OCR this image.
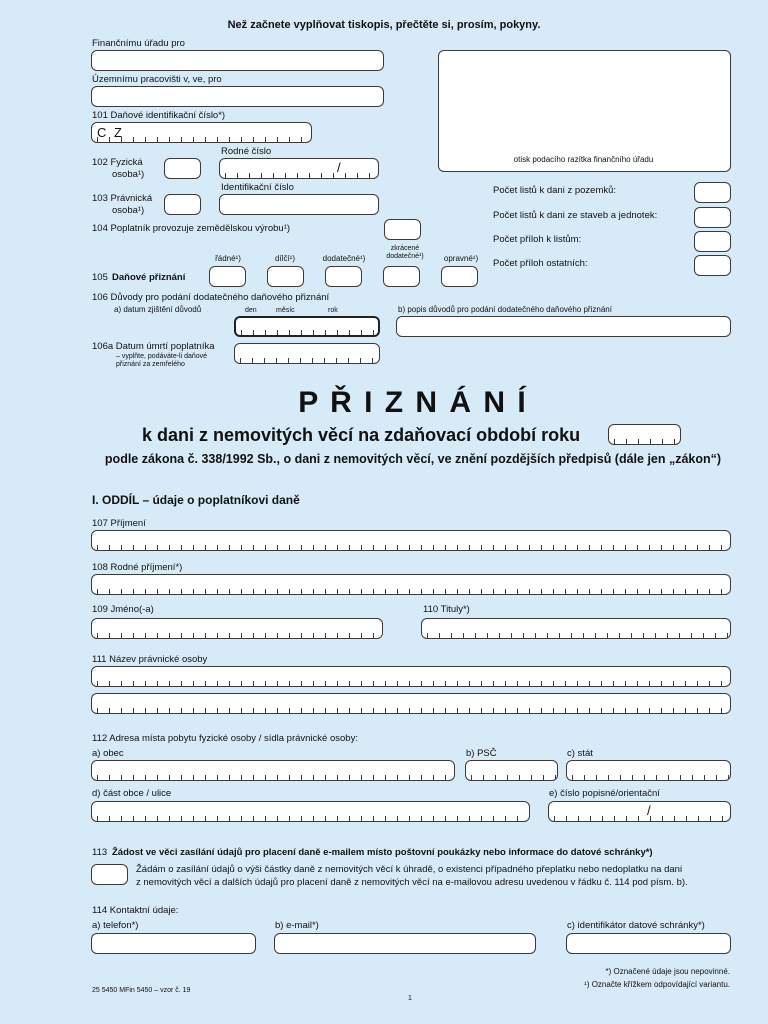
Než začnete vyplňovat tiskopis, přečtěte si, prosím, pokyny.
Finančnímu úřadu pro
Územnímu pracovišti v, ve, pro
otisk podacího razítka finančního úřadu
101 Daňové identifikační číslo*)
C Z
102 Fyzická
osoba¹)
Rodné číslo
/
103 Právnická
osoba¹)
Identifikační číslo
104 Poplatník provozuje zemědělskou výrobu¹)
Počet listů k dani z pozemků:
Počet listů k dani ze staveb a jednotek:
Počet příloh k listům:
Počet příloh ostatních:
105 Daňové přiznání
řádné¹)	dílčí¹)	dodatečné¹)
zkrácené dodatečné¹)	opravné¹)
106 Důvody pro podání dodatečného daňového přiznání
a) datum zjištění důvodů	den	měsíc	rok	b) popis důvodů pro podání dodatečného daňového přiznání
106a Datum úmrtí poplatníka
– vyplňte, podáváte-li daňové
přiznání za zemřelého
P Ř I Z N Á N Í
k dani z nemovitých věcí na zdaňovací období roku
podle zákona č. 338/1992 Sb., o dani z nemovitých věcí, ve znění pozdějších předpisů (dále jen „zákon“)
I. ODDÍL – údaje o poplatníkovi daně
107 Příjmení
108 Rodné příjmení*)
109 Jméno(-a)	110 Tituly*)
111 Název právnické osoby
112 Adresa místa pobytu fyzické osoby / sídla právnické osoby:
a) obec	b) PSČ	c) stát
d) část obce / ulice	e) číslo popisné/orientační
/
113 Žádost ve věci zasílání údajů pro placení daně e-mailem místo poštovní poukázky nebo informace do datové schránky*)
Žádám o zasílání údajů o výši částky daně z nemovitých věcí k úhradě, o existenci případného přeplatku nebo nedoplatku na dani
z nemovitých věcí a dalších údajů pro placení daně z nemovitých věcí na e-mailovou adresu uvedenou v řádku č. 114 pod písm. b).
114 Kontaktní údaje:
a) telefon*)	b) e-mail*)	c) identifikátor datové schránky*)
*) Označené údaje jsou nepovinné.
¹) Označte křížkem odpovídající variantu.
25 5450 MFin 5450 – vzor č. 19
1
